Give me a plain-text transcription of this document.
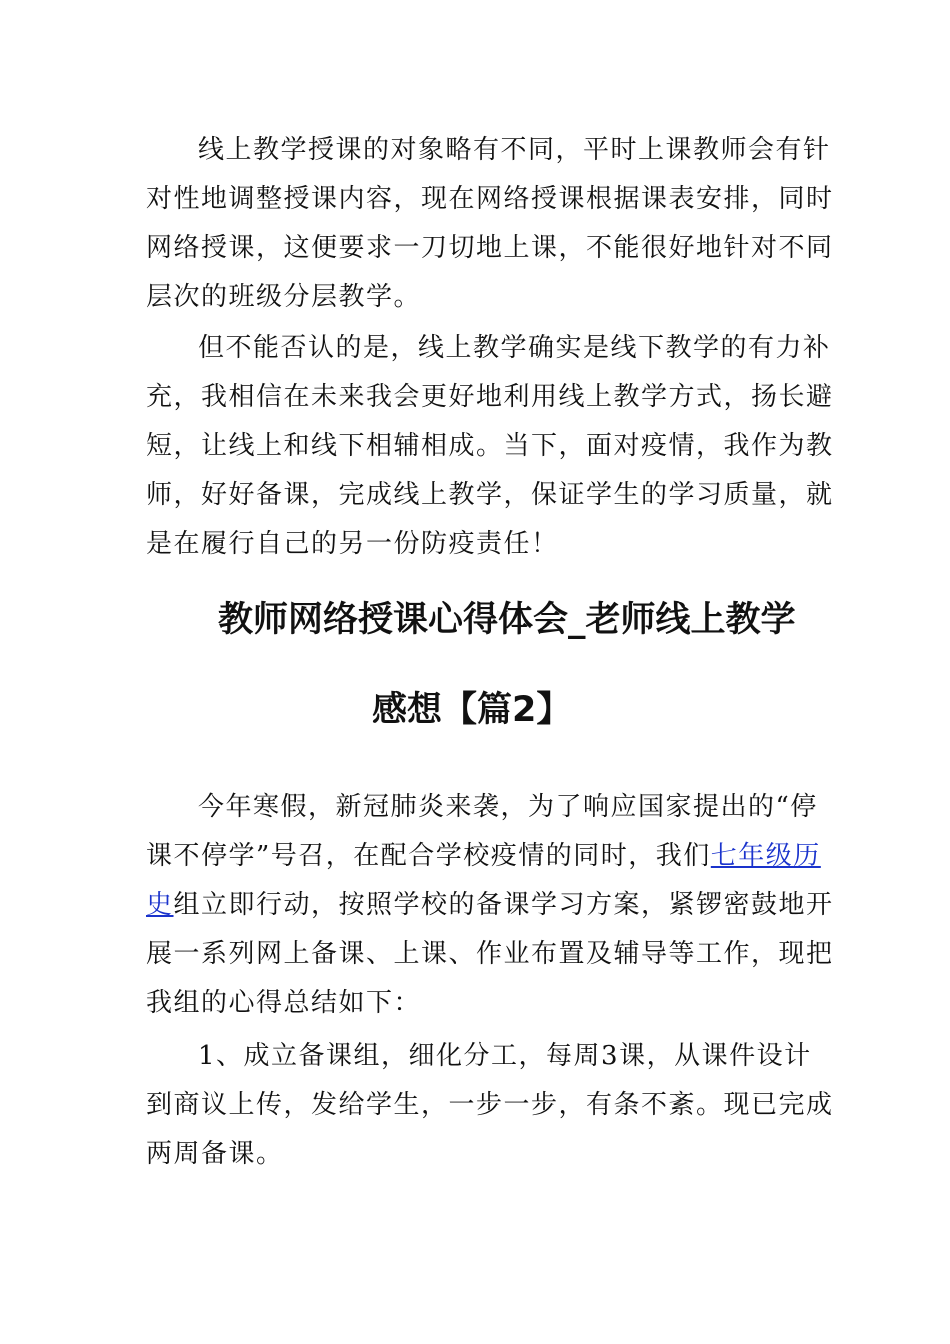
线上教学授课的对象略有不同，平时上课教师会有针
对性地调整授课内容，现在网络授课根据课表安排，同时
网络授课，这便要求一刀切地上课，不能很好地针对不同
层次的班级分层教学。
但不能否认的是，线上教学确实是线下教学的有力补
充，我相信在未来我会更好地利用线上教学方式，扬长避
短，让线上和线下相辅相成。当下，面对疫情，我作为教
师，好好备课，完成线上教学，保证学生的学习质量，就
是在履行自己的另一份防疫责任！
教师网络授课心得体会_老师线上教学
感想【篇2】
今年寒假，新冠肺炎来袭，为了响应国家提出的“停
课不停学”号召，在配合学校疫情的同时，我们七年级历
史组立即行动，按照学校的备课学习方案，紧锣密鼓地开
展一系列网上备课、上课、作业布置及辅导等工作，现把
我组的心得总结如下：
1、成立备课组，细化分工，每周3课，从课件设计
到商议上传，发给学生，一步一步，有条不紊。现已完成
两周备课。
